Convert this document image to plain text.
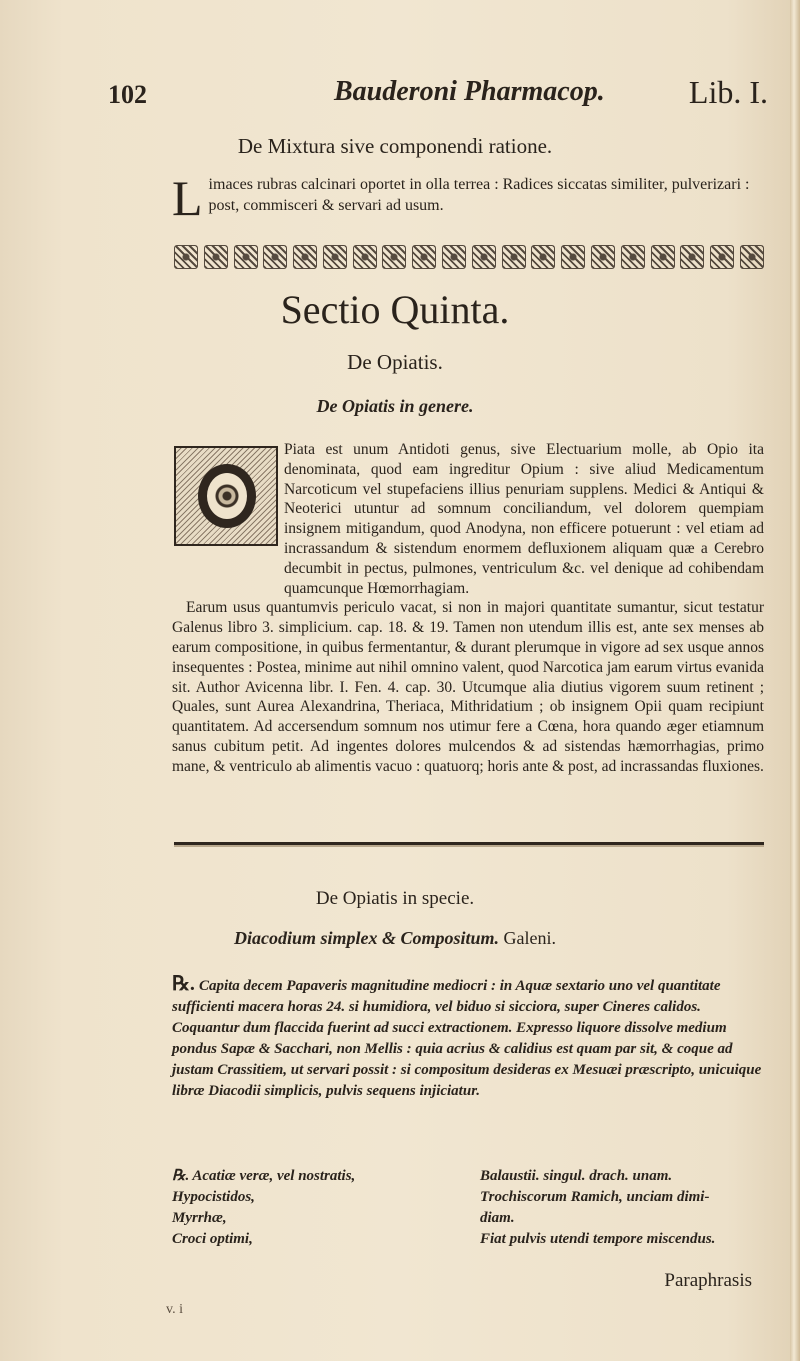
102	Bauderoni Pharmacop.	Lib. I.
De Mixtura sive componendi ratione.
Limaces rubras calcinari oportet in olla terrea : Radices siccatas similiter, pulverizari : post, commisceri & servari ad usum.
Sectio Quinta.
De Opiatis.
De Opiatis in genere.

Piata est unum Antidoti genus, sive Electuarium molle, ab Opio ita denominata, quod eam ingreditur Opium : sive aliud Medicamentum Narcoticum vel stupefaciens illius penuriam supplens. Medici & Antiqui & Neoterici utuntur ad somnum conciliandum, vel dolorem quempiam insignem mitigandum, quod Anodyna, non efficere potuerunt : vel etiam ad incrassandum & sistendum enormem defluxionem aliquam quæ a Cerebro decumbit in pectus, pulmones, ventriculum &c. vel denique ad cohibendam quamcunque Hœmorrhagiam.

Earum usus quantumvis periculo vacat, si non in majori quantitate sumantur, sicut testatur Galenus libro 3. simplicium. cap. 18. & 19. Tamen non utendum illis est, ante sex menses ab earum compositione, in quibus fermentantur, & durant plerumque in vigore ad sex usque annos insequentes : Postea, minime aut nihil omnino valent, quod Narcotica jam earum virtus evanida sit. Author Avicenna libr. I. Fen. 4. cap. 30. Utcumque alia diutius vigorem suum retinent ; Quales, sunt Aurea Alexandrina, Theriaca, Mithridatium ; ob insignem Opii quam recipiunt quantitatem. Ad accersendum somnum nos utimur fere a Cœna, hora quando æger etiamnum sanus cubitum petit. Ad ingentes dolores mulcendos & ad sistendas hæmorrhagias, primo mane, & ventriculo ab alimentis vacuo : quatuorq; horis ante & post, ad incrassandas fluxiones.

De Opiatis in specie.
Diacodium simplex & Compositum. Galeni.
℞. Capita decem Papaveris magnitudine mediocri : in Aquæ sextario uno vel quantitate sufficienti macera horas 24. si humidiora, vel biduo si sicciora, super Cineres calidos. Coquantur dum flaccida fuerint ad succi extractionem. Expresso liquore dissolve medium pondus Sapæ & Sacchari, non Mellis : quia acrius & calidius est quam par sit, & coque ad justam Crassitiem, ut servari possit : si compositum desideras ex Mesuæi præscripto, unicuique libræ Diacodii simplicis, pulvis sequens injiciatur.
℞. Acatiæ veræ, vel nostratis,
Hypocistidos,
Myrrhæ,
Croci optimi,
Balaustii. singul. drach. unam.
Trochiscorum Ramich, unciam dimi-
diam.
Fiat pulvis utendi tempore miscendus.
Paraphrasis
v. i
